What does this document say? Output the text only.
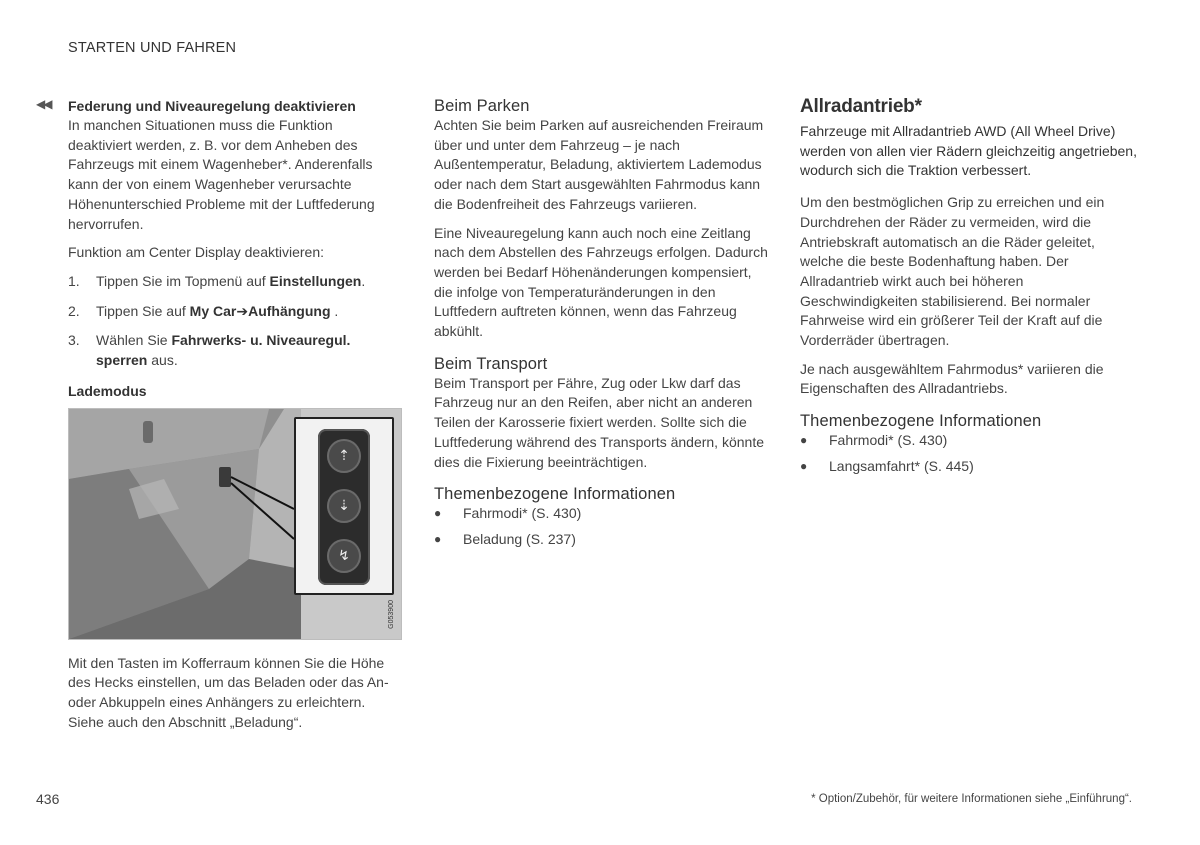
STARTEN UND FAHREN
◀◀ Federung und Niveauregelung deaktivieren

In manchen Situationen muss die Funktion deaktiviert werden, z. B. vor dem Anheben des Fahrzeugs mit einem Wagenheber*. Anderenfalls kann der von einem Wagenheber verursachte Höhenunterschied Probleme mit der Luftfederung hervorrufen.

Funktion am Center Display deaktivieren:

1.	Tippen Sie im Topmenü auf Einstellungen.
2.	Tippen Sie auf My Car➔Aufhängung .
3.	Wählen Sie Fahrwerks- u. Niveauregul. sperren aus.

Lademodus

⇡
⇣
↯
G053900

Mit den Tasten im Kofferraum können Sie die Höhe des Hecks einstellen, um das Beladen oder das An- oder Abkuppeln eines Anhängers zu erleichtern. Siehe auch den Abschnitt „Beladung“.

Beim Parken

Achten Sie beim Parken auf ausreichenden Freiraum über und unter dem Fahrzeug – je nach Außentemperatur, Beladung, aktiviertem Lademodus oder nach dem Start ausgewählten Fahrmodus kann die Bodenfreiheit des Fahrzeugs variieren.

Eine Niveauregelung kann auch noch eine Zeitlang nach dem Abstellen des Fahrzeugs erfolgen. Dadurch werden bei Bedarf Höhenänderungen kompensiert, die infolge von Temperaturänderungen in den Luftfedern auftreten können, wenn das Fahrzeug abkühlt.

Beim Transport

Beim Transport per Fähre, Zug oder Lkw darf das Fahrzeug nur an den Reifen, aber nicht an anderen Teilen der Karosserie fixiert werden. Sollte sich die Luftfederung während des Transports ändern, könnte dies die Fixierung beeinträchtigen.

Themenbezogene Informationen
●	Fahrmodi* (S. 430)
●	Beladung (S. 237)
Allradantrieb*

Fahrzeuge mit Allradantrieb AWD (All Wheel Drive) werden von allen vier Rädern gleichzeitig angetrieben, wodurch sich die Traktion verbessert.

Um den bestmöglichen Grip zu erreichen und ein Durchdrehen der Räder zu vermeiden, wird die Antriebskraft automatisch an die Räder geleitet, welche die beste Bodenhaftung haben. Der Allradantrieb wirkt auch bei höheren Geschwindigkeiten stabilisierend. Bei normaler Fahrweise wird ein größerer Teil der Kraft auf die Vorderräder übertragen.

Je nach ausgewähltem Fahrmodus* variieren die Eigenschaften des Allradantriebs.

Themenbezogene Informationen
●	Fahrmodi* (S. 430)
●	Langsamfahrt* (S. 445)
436	* Option/Zubehör, für weitere Informationen siehe „Einführung“.
